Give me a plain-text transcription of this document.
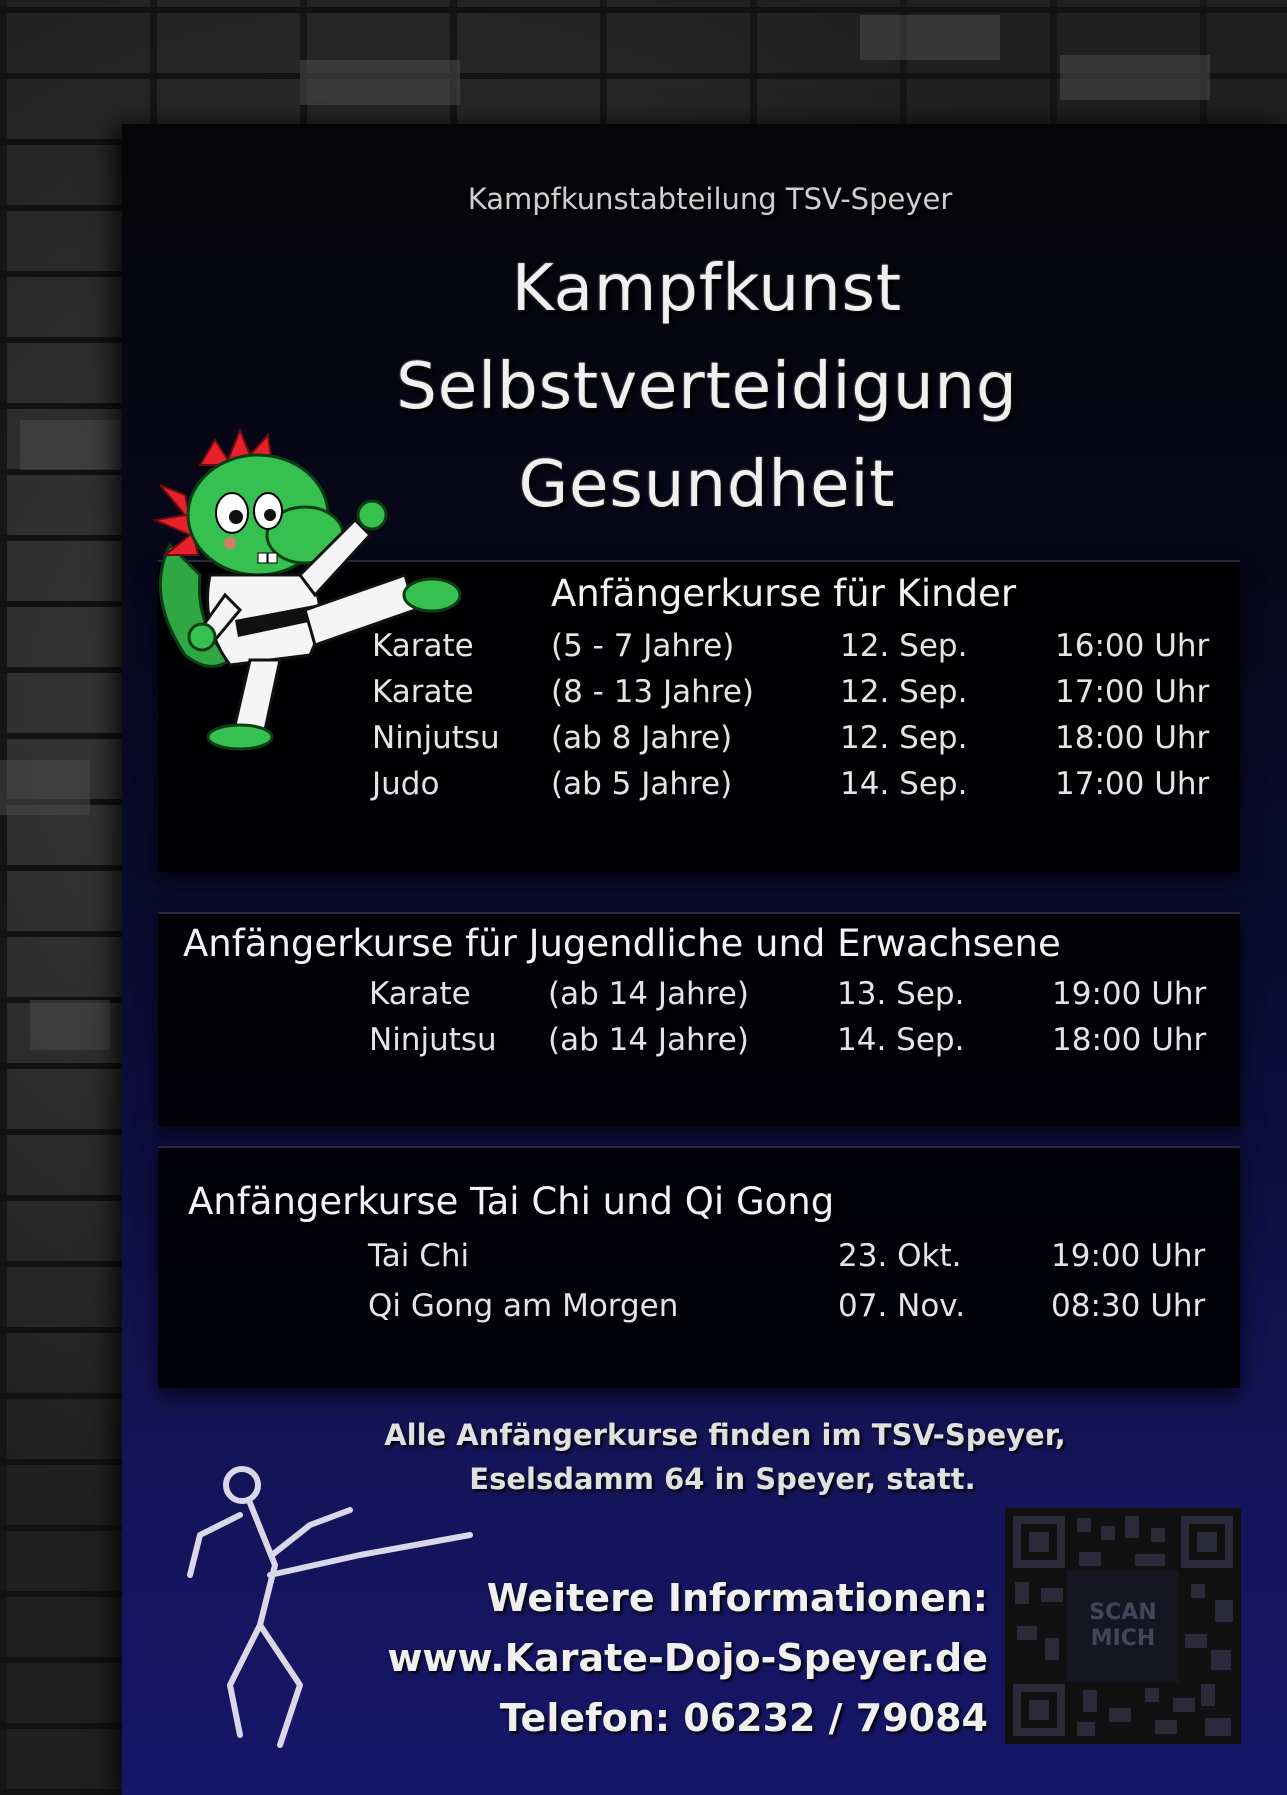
Kampfkunstabteilung TSV-Speyer
Kampfkunst
Selbstverteidigung
Gesundheit
Anfängerkurse für Kinder
Karate (5 - 7 Jahre)	12. Sep.	16:00 Uhr
Karate (8 - 13 Jahre)	12. Sep.	17:00 Uhr
Ninjutsu (ab 8 Jahre)	12. Sep.	18:00 Uhr
Judo	(ab 5 Jahre)	14. Sep.	17:00 Uhr
Anfängerkurse für Jugendliche und Erwachsene
Karate (ab 14 Jahre)	13. Sep.	19:00 Uhr
Ninjutsu (ab 14 Jahre)	14. Sep.	18:00 Uhr
Anfängerkurse Tai Chi und Qi Gong
Tai Chi	23. Okt.	19:00 Uhr
Qi Gong am Morgen	07. Nov.	08:30 Uhr
Alle Anfängerkurse finden im TSV-Speyer,
Eselsdamm 64 in Speyer, statt.
Weitere Informationen:
www.Karate-Dojo-Speyer.de
Telefon: 06232 / 79084
SCAN
MICH
